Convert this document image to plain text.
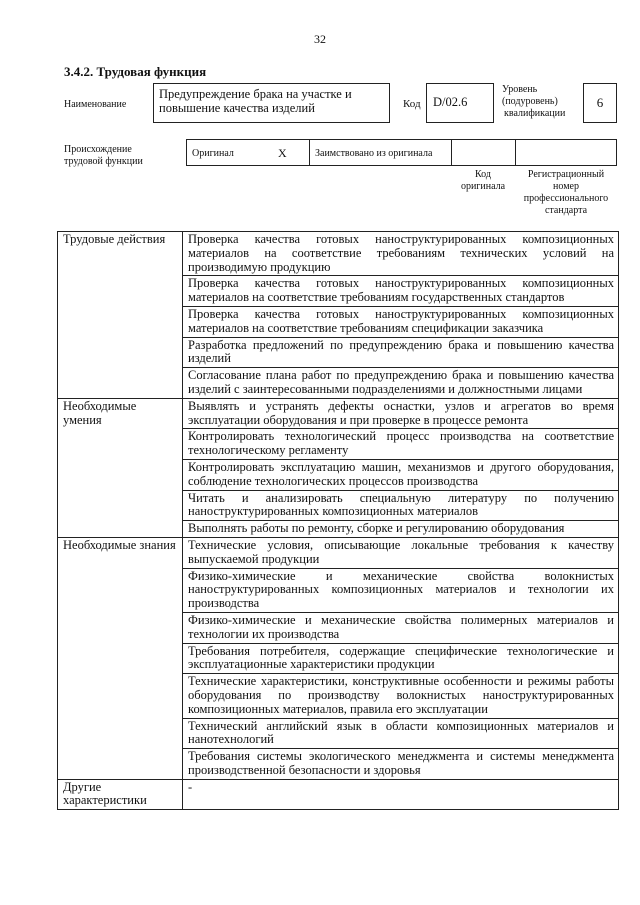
32
3.4.2. Трудовая функция
Наименование
Предупреждение брака на участке и повышение качества изделий	Код D/02.6
Уровень
(подуровень)
квалификации
6
Происхождение
трудовой функции
Оригинал	X	Заимствовано из оригинала
Код
оригинала
Регистрационный
номер
профессионального
стандарта
Трудовые действия	Проверка качества готовых наноструктурированных композиционных материалов на соответствие требованиям технических условий на производимую продукцию
	Проверка качества готовых наноструктурированных композиционных материалов на соответствие требованиям государственных стандартов
	Проверка качества готовых наноструктурированных композиционных материалов на соответствие требованиям спецификации заказчика
	Разработка предложений по предупреждению брака и повышению качества изделий
	Согласование плана работ по предупреждению брака и повышению качества изделий с заинтересованными подразделениями и должностными лицами
Необходимые умения	Выявлять и устранять дефекты оснастки, узлов и агрегатов во время эксплуатации оборудования и при проверке в процессе ремонта
	Контролировать технологический процесс производства на соответствие технологическому регламенту
	Контролировать эксплуатацию машин, механизмов и другого оборудования, соблюдение технологических процессов производства
	Читать и анализировать специальную литературу по получению наноструктурированных композиционных материалов
	Выполнять работы по ремонту, сборке и регулированию оборудования
Необходимые знания	Технические условия, описывающие локальные требования к качеству выпускаемой продукции
	Физико-химические и механические свойства волокнистых наноструктурированных композиционных материалов и технологии их производства
	Физико-химические и механические свойства полимерных материалов и технологии их производства
	Требования потребителя, содержащие специфические технологические и эксплуатационные характеристики продукции
	Технические характеристики, конструктивные особенности и режимы работы оборудования по производству волокнистых наноструктурированных композиционных материалов, правила его эксплуатации
	Технический английский язык в области композиционных материалов и нанотехнологий
	Требования системы экологического менеджмента и системы менеджмента производственной безопасности и здоровья
Другие характеристики	-
